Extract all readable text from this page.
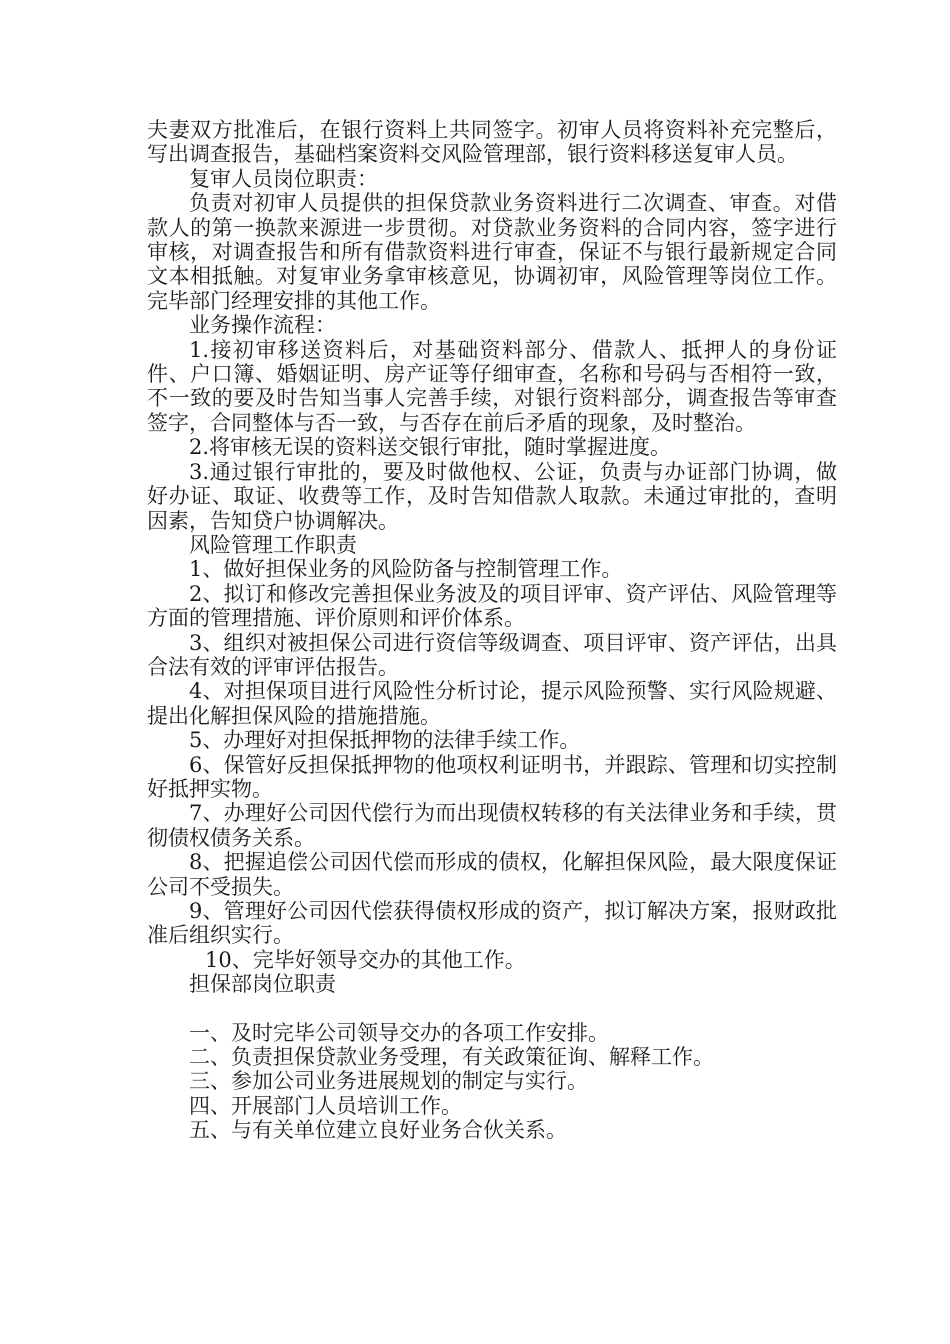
夫妻双方批准后，在银行资料上共同签字。初审人员将资料补充完整后，写出调查报告，基础档案资料交风险管理部，银行资料移送复审人员。

复审人员岗位职责：

负责对初审人员提供的担保贷款业务资料进行二次调查、审查。对借款人的第一换款来源进一步贯彻。对贷款业务资料的合同内容，签字进行审核，对调查报告和所有借款资料进行审查，保证不与银行最新规定合同文本相抵触。对复审业务拿审核意见，协调初审，风险管理等岗位工作。完毕部门经理安排的其他工作。

业务操作流程：

1.接初审移送资料后，对基础资料部分、借款人、抵押人的身份证件、户口簿、婚姻证明、房产证等仔细审查，名称和号码与否相符一致，不一致的要及时告知当事人完善手续，对银行资料部分，调查报告等审查签字，合同整体与否一致，与否存在前后矛盾的现象，及时整治。

2.将审核无误的资料送交银行审批，随时掌握进度。

3.通过银行审批的，要及时做他权、公证，负责与办证部门协调，做好办证、取证、收费等工作，及时告知借款人取款。未通过审批的，查明因素，告知贷户协调解决。

风险管理工作职责

1、做好担保业务的风险防备与控制管理工作。

2、拟订和修改完善担保业务波及的项目评审、资产评估、风险管理等方面的管理措施、评价原则和评价体系。

3、组织对被担保公司进行资信等级调查、项目评审、资产评估，出具合法有效的评审评估报告。

4、对担保项目进行风险性分析讨论，提示风险预警、实行风险规避、提出化解担保风险的措施措施。

5、办理好对担保抵押物的法律手续工作。

6、保管好反担保抵押物的他项权利证明书，并跟踪、管理和切实控制好抵押实物。

7、办理好公司因代偿行为而出现债权转移的有关法律业务和手续，贯彻债权债务关系。

8、把握追偿公司因代偿而形成的债权，化解担保风险，最大限度保证公司不受损失。

9、管理好公司因代偿获得债权形成的资产，拟订解决方案，报财政批准后组织实行。

10、完毕好领导交办的其他工作。

担保部岗位职责

一、及时完毕公司领导交办的各项工作安排。

二、负责担保贷款业务受理，有关政策征询、解释工作。

三、参加公司业务进展规划的制定与实行。

四、开展部门人员培训工作。

五、与有关单位建立良好业务合伙关系。
